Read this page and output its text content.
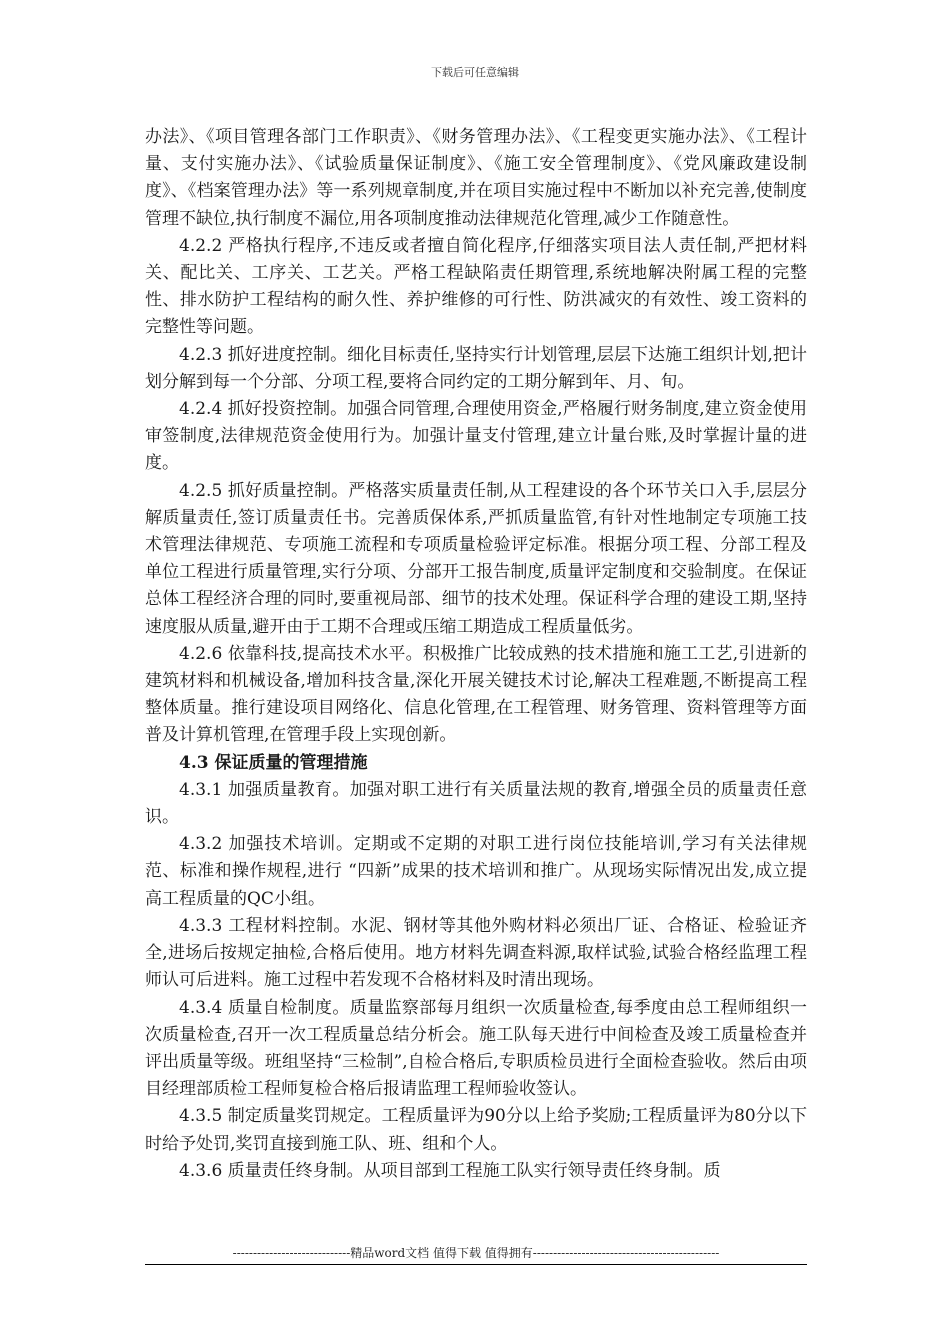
下载后可任意编辑

办法》、《项目管理各部门工作职责》、《财务管理办法》、《工程变更实施办法》、《工程计量、支付实施办法》、《试验质量保证制度》、《施工安全管理制度》、《党风廉政建设制度》、《档案管理办法》等一系列规章制度,并在项目实施过程中不断加以补充完善,使制度管理不缺位,执行制度不漏位,用各项制度推动法律规范化管理,减少工作随意性。

4.2.2 严格执行程序,不违反或者擅自简化程序,仔细落实项目法人责任制,严把材料关、配比关、工序关、工艺关。严格工程缺陷责任期管理,系统地解决附属工程的完整性、排水防护工程结构的耐久性、养护维修的可行性、防洪减灾的有效性、竣工资料的完整性等问题。

4.2.3 抓好进度控制。细化目标责任,坚持实行计划管理,层层下达施工组织计划,把计划分解到每一个分部、分项工程,要将合同约定的工期分解到年、月、旬。

4.2.4 抓好投资控制。加强合同管理,合理使用资金,严格履行财务制度,建立资金使用审签制度,法律规范资金使用行为。加强计量支付管理,建立计量台账,及时掌握计量的进度。

4.2.5 抓好质量控制。严格落实质量责任制,从工程建设的各个环节关口入手,层层分解质量责任,签订质量责任书。完善质保体系,严抓质量监管,有针对性地制定专项施工技术管理法律规范、专项施工流程和专项质量检验评定标准。根据分项工程、分部工程及单位工程进行质量管理,实行分项、分部开工报告制度,质量评定制度和交验制度。在保证总体工程经济合理的同时,要重视局部、细节的技术处理。保证科学合理的建设工期,坚持速度服从质量,避开由于工期不合理或压缩工期造成工程质量低劣。

4.2.6 依靠科技,提高技术水平。积极推广比较成熟的技术措施和施工工艺,引进新的建筑材料和机械设备,增加科技含量,深化开展关键技术讨论,解决工程难题,不断提高工程整体质量。推行建设项目网络化、信息化管理,在工程管理、财务管理、资料管理等方面普及计算机管理,在管理手段上实现创新。

4.3 保证质量的管理措施

4.3.1 加强质量教育。加强对职工进行有关质量法规的教育,增强全员的质量责任意识。

4.3.2 加强技术培训。定期或不定期的对职工进行岗位技能培训,学习有关法律规范、标准和操作规程,进行 “四新”成果的技术培训和推广。从现场实际情况出发,成立提高工程质量的QC小组。

4.3.3 工程材料控制。水泥、钢材等其他外购材料必须出厂证、合格证、检验证齐全,进场后按规定抽检,合格后使用。地方材料先调查料源,取样试验,试验合格经监理工程师认可后进料。施工过程中若发现不合格材料及时清出现场。

4.3.4 质量自检制度。质量监察部每月组织一次质量检查,每季度由总工程师组织一次质量检查,召开一次工程质量总结分析会。施工队每天进行中间检查及竣工质量检查并评出质量等级。班组坚持“三检制”,自检合格后,专职质检员进行全面检查验收。然后由项目经理部质检工程师复检合格后报请监理工程师验收签认。

4.3.5 制定质量奖罚规定。工程质量评为90分以上给予奖励;工程质量评为80分以下时给予处罚,奖罚直接到施工队、班、组和个人。

4.3.6 质量责任终身制。从项目部到工程施工队实行领导责任终身制。质

-----------------------------精品word文档 值得下载 值得拥有----------------------------------------------
